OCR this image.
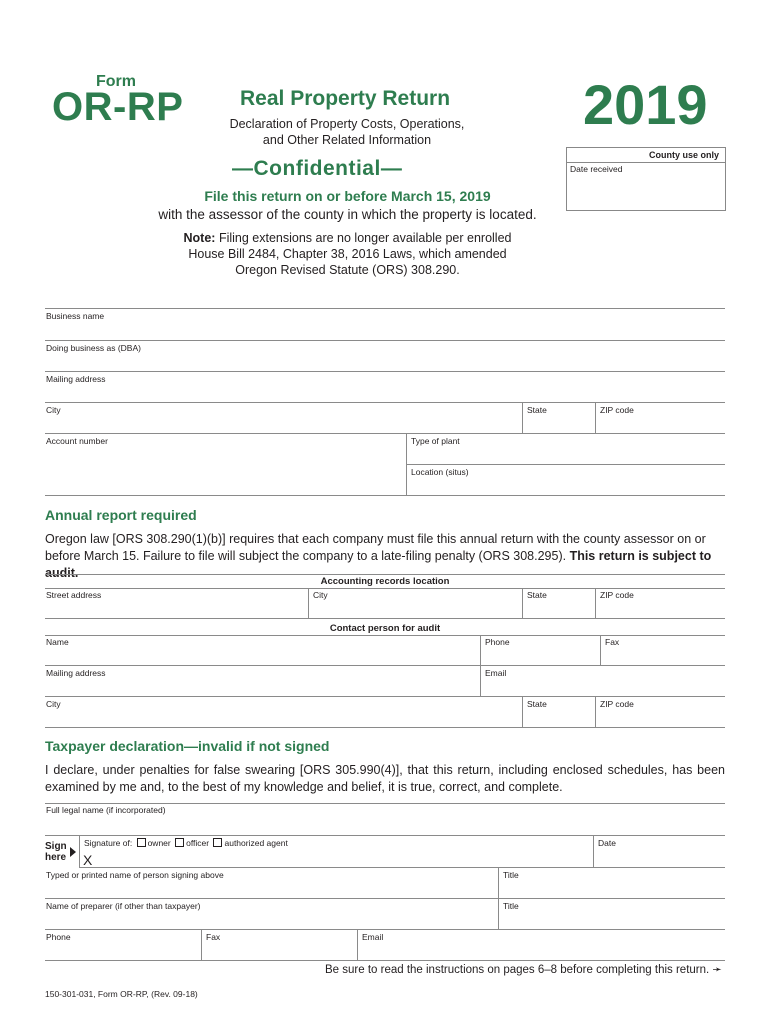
Form
OR-RP	Real Property Return
Declaration of Property Costs, Operations,
and Other Related Information
2019
—Confidential—
County use only
Date received
File this return on or before March 15, 2019
with the assessor of the county in which the property is located.
Note: Filing extensions are no longer available per enrolled
House Bill 2484, Chapter 38, 2016 Laws, which amended
Oregon Revised Statute (ORS) 308.290.
Business name
Doing business as (DBA)
Mailing address
City	State	ZIP code
Account number	Type of plant
Location (situs)
Annual report required
Oregon law [ORS 308.290(1)(b)] requires that each company must file this annual return with the county assessor on or before March 15. Failure to file will subject the company to a late-filing penalty (ORS 308.295). This return is subject to audit.
Accounting records location
Street address	City	State	ZIP code
Contact person for audit
Name	Phone	Fax
Mailing address	Email
City	State	ZIP code
Taxpayer declaration—invalid if not signed
I declare, under penalties for false swearing [ORS 305.990(4)], that this return, including enclosed schedules, has been examined by me and, to the best of my knowledge and belief, it is true, correct, and complete.
Full legal name (if incorporated)
Sign
here
Signature of: owner officer authorized agent
X
Date
Typed or printed name of person signing above	Title
Name of preparer (if other than taxpayer)	Title
Phone	Fax	Email
Be sure to read the instructions on pages 6–8 before completing this return. ➛
150-301-031, Form OR-RP, (Rev. 09-18)
